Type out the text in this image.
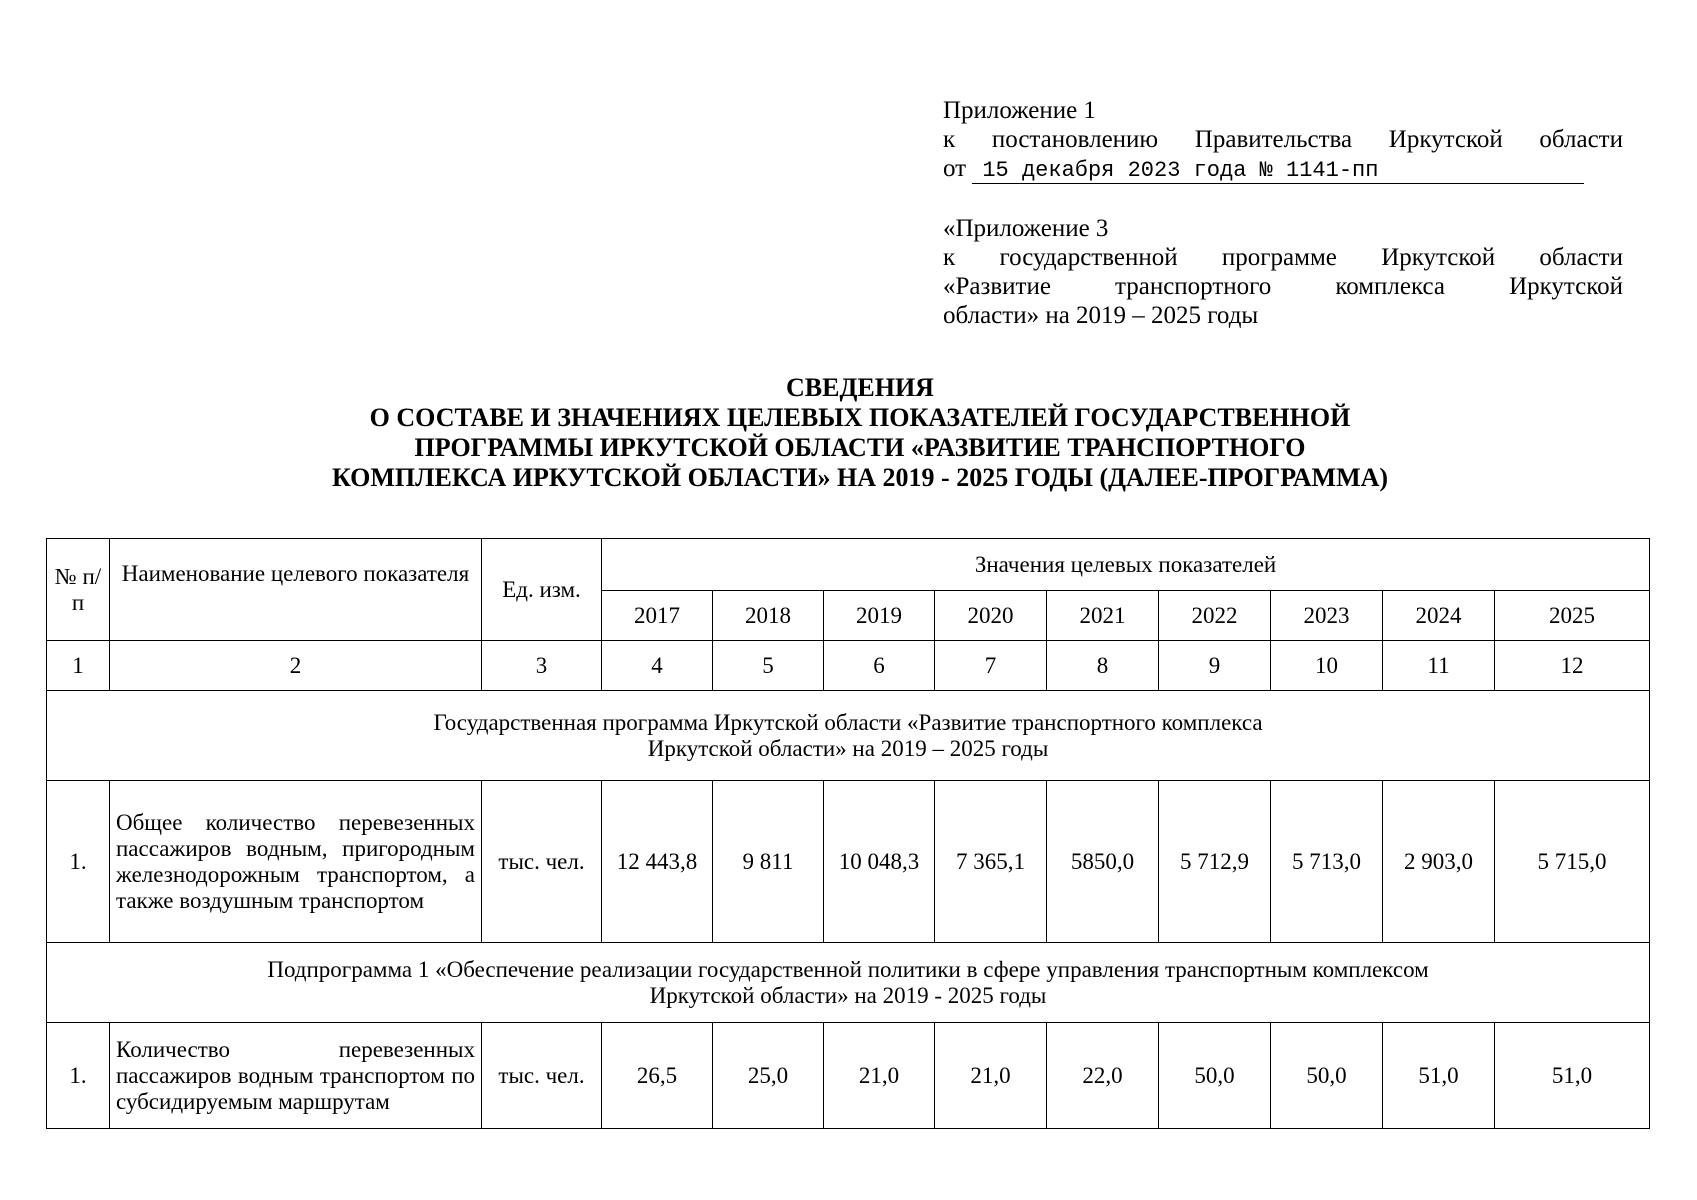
Приложение 1
к постановлению Правительства Иркутской области
от 15 декабря 2023 года № 1141-пп
«Приложение 3
к государственной программе Иркутской области
«Развитие транспортного комплекса Иркутской
области» на 2019 – 2025 годы
СВЕДЕНИЯ
О СОСТАВЕ И ЗНАЧЕНИЯХ ЦЕЛЕВЫХ ПОКАЗАТЕЛЕЙ ГОСУДАРСТВЕННОЙ
ПРОГРАММЫ ИРКУТСКОЙ ОБЛАСТИ «РАЗВИТИЕ ТРАНСПОРТНОГО
КОМПЛЕКСА ИРКУТСКОЙ ОБЛАСТИ» НА 2019 - 2025 ГОДЫ (ДАЛЕЕ-ПРОГРАММА)
№ п/п	Наименование целевого показателя	Ед. изм.	Значения целевых показателей								
			2017	2018	2019	2020	2021	2022	2023	2024	2025
1	2	3	4	5	6	7	8	9	10	11	12

Государственная программа Иркутской области «Развитие транспортного комплекса
Иркутской области» на 2019 – 2025 годы											

1.	Общее количество перевезенных пассажиров водным, пригородным железнодорожным транспортом, а также воздушным транспортом	тыс. чел.	12 443,8	9 811	10 048,3	7 365,1	5850,0	5 712,9	5 713,0	2 903,0	5 715,0

Подпрограмма 1 «Обеспечение реализации государственной политики в сфере управления транспортным комплексом
Иркутской области» на 2019 - 2025 годы											

1.	Количество перевезенных пассажиров водным транспортом по субсидируемым маршрутам	тыс. чел.	26,5	25,0	21,0	21,0	22,0	50,0	50,0	51,0	51,0
